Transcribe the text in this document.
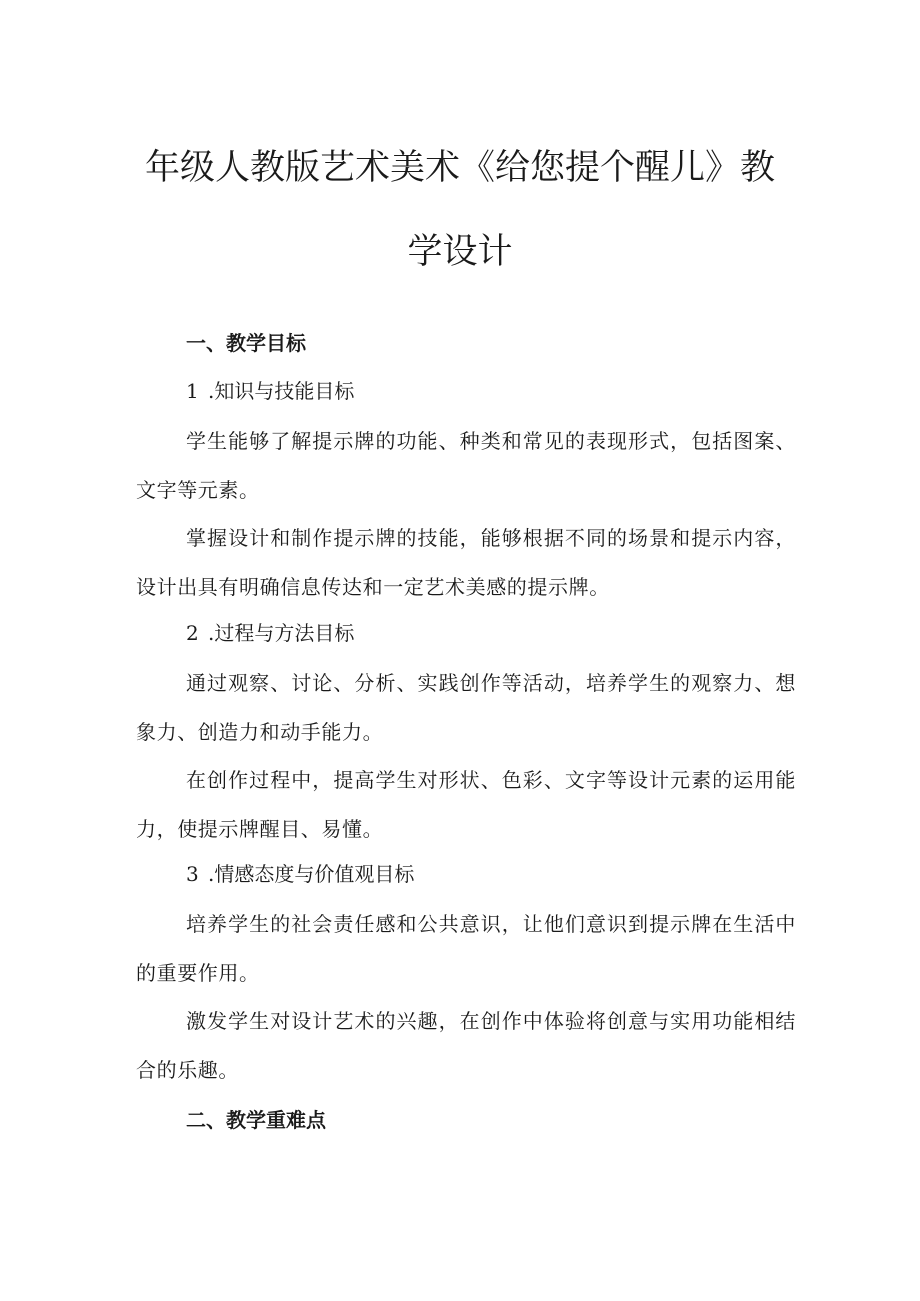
年级人教版艺术美术《给您提个醒儿》教
学设计
一、教学目标
1 .知识与技能目标
学生能够了解提示牌的功能、种类和常见的表现形式，包括图案、文字等元素。
掌握设计和制作提示牌的技能，能够根据不同的场景和提示内容，设计出具有明确信息传达和一定艺术美感的提示牌。
2 .过程与方法目标
通过观察、讨论、分析、实践创作等活动，培养学生的观察力、想象力、创造力和动手能力。
在创作过程中，提高学生对形状、色彩、文字等设计元素的运用能力，使提示牌醒目、易懂。
3 .情感态度与价值观目标
培养学生的社会责任感和公共意识，让他们意识到提示牌在生活中的重要作用。
激发学生对设计艺术的兴趣，在创作中体验将创意与实用功能相结合的乐趣。
二、教学重难点
